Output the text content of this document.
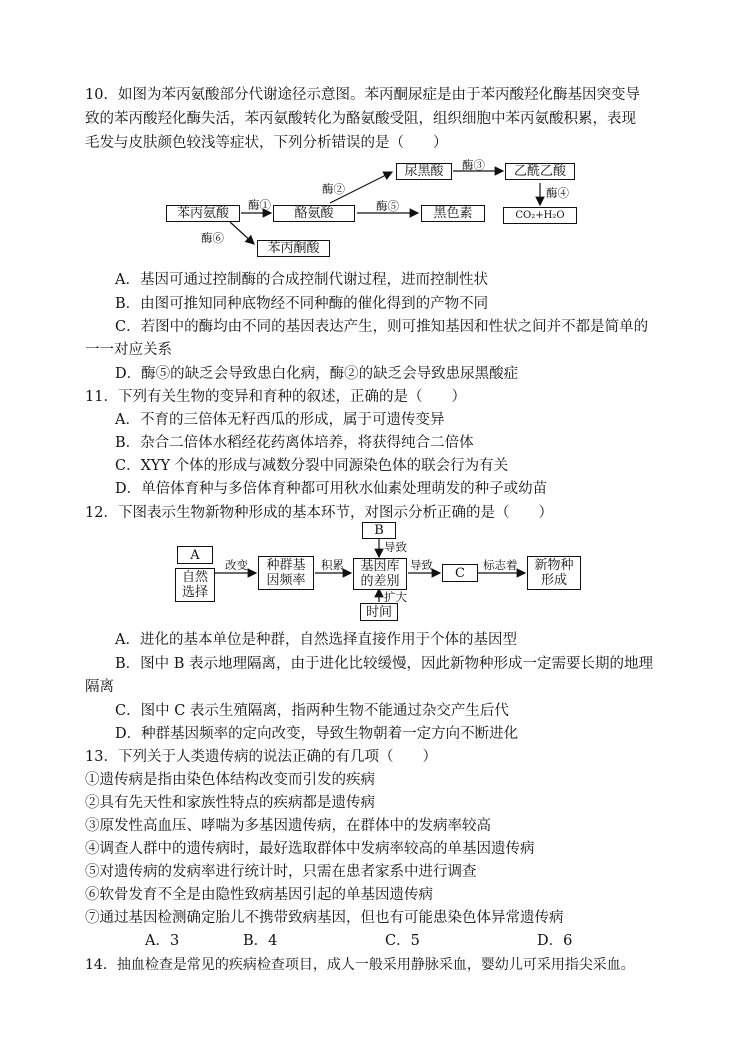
10．如图为苯丙氨酸部分代谢途径示意图。苯丙酮尿症是由于苯丙酸羟化酶基因突变导
致的苯丙酸羟化酶失活，苯丙氨酸转化为酪氨酸受阻，组织细胞中苯丙氨酸积累，表现
毛发与皮肤颜色较浅等症状，下列分析错误的是（　　）
苯丙氨酸	酪氨酸
尿黑酸	乙酰乙酸
CO₂+H₂O
黑色素
苯丙酮酸
酶①
酶②
酶③
酶④
酶⑤
酶⑥
A．基因可通过控制酶的合成控制代谢过程，进而控制性状
B．由图可推知同种底物经不同种酶的催化得到的产物不同
C．若图中的酶均由不同的基因表达产生，则可推知基因和性状之间并不都是简单的
一一对应关系
D．酶⑤的缺乏会导致患白化病，酶②的缺乏会导致患尿黑酸症
11．下列有关生物的变异和育种的叙述，正确的是（　　）
A．不育的三倍体无籽西瓜的形成，属于可遗传变异
B．杂合二倍体水稻经花药离体培养，将获得纯合二倍体
C．XYY 个体的形成与减数分裂中同源染色体的联会行为有关
D．单倍体育种与多倍体育种都可用秋水仙素处理萌发的种子或幼苗
12．下图表示生物新物种形成的基本环节，对图示分析正确的是（　　）
A
自然选择
种群基因频率
基因库的差别
B
时间
C	新物种形成
改变	积累
导致
导致
扩大
标志着
A．进化的基本单位是种群，自然选择直接作用于个体的基因型
B．图中 B 表示地理隔离，由于进化比较缓慢，因此新物种形成一定需要长期的地理
隔离
C．图中 C 表示生殖隔离，指两种生物不能通过杂交产生后代
D．种群基因频率的定向改变，导致生物朝着一定方向不断进化
13．下列关于人类遗传病的说法正确的有几项（　　）
①遗传病是指由染色体结构改变而引发的疾病
②具有先天性和家族性特点的疾病都是遗传病
③原发性高血压、哮喘为多基因遗传病，在群体中的发病率较高
④调查人群中的遗传病时，最好选取群体中发病率较高的单基因遗传病
⑤对遗传病的发病率进行统计时，只需在患者家系中进行调查
⑥软骨发育不全是由隐性致病基因引起的单基因遗传病
⑦通过基因检测确定胎儿不携带致病基因，但也有可能患染色体异常遗传病
A．3	B．4	C．5	D．6
14．抽血检查是常见的疾病检查项目，成人一般采用静脉采血，婴幼儿可采用指尖采血。
